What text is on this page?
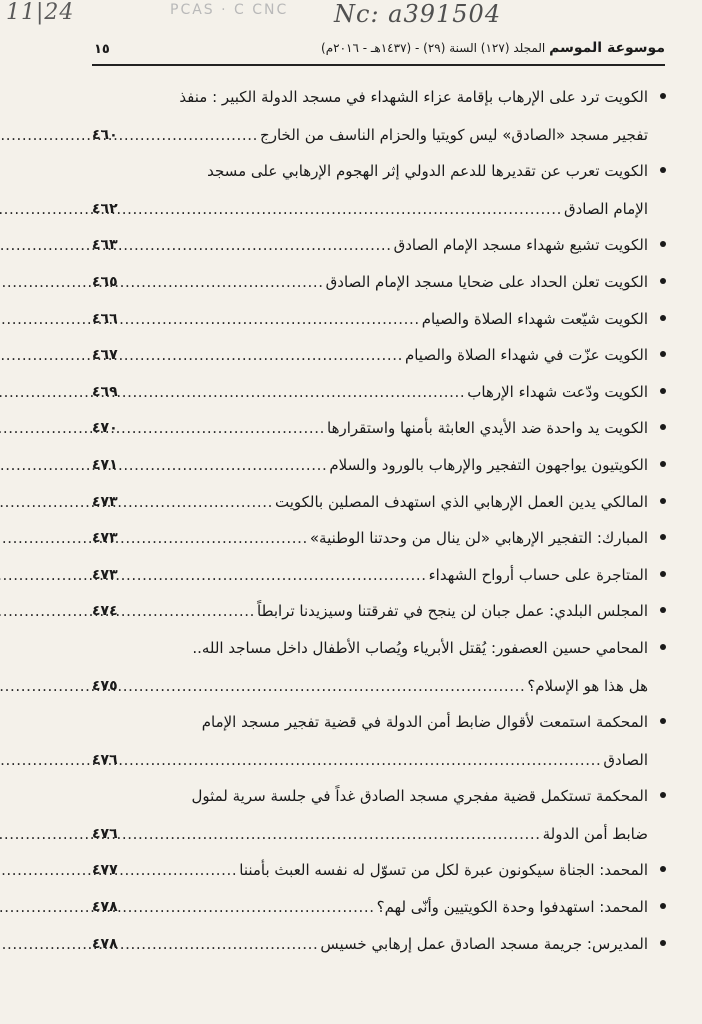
11|24	PCAS · C CNC Nc: a391504
١٥	موسوعة الموسم المجلد (١٢٧) السنة (٢٩) - (١٤٣٧هـ - ٢٠١٦م)
الكويت ترد على الإرهاب بإقامة عزاء الشهداء في مسجد الدولة الكبير : منفذ
تفجير مسجد «الصادق» ليس كويتيا والحزام الناسف من الخارج
.....
٤٦٠
الكويت تعرب عن تقديرها للدعم الدولي إثر الهجوم الإرهابي على مسجد
الإمام الصادق
.....
٤٦٢
الكويت تشيع شهداء مسجد الإمام الصادق
.....
٤٦٣
الكويت تعلن الحداد على ضحايا مسجد الإمام الصادق
.....
٤٦٥
الكويت شيّعت شهداء الصلاة والصيام
.....
٤٦٦
الكويت عزّت في شهداء الصلاة والصيام
.....
٤٦٧
الكويت ودّعت شهداء الإرهاب
.....
٤٦٩
الكويت يد واحدة ضد الأيدي العابثة بأمنها واستقرارها
.....
٤٧٠
الكويتيون يواجهون التفجير والإرهاب بالورود والسلام
.....
٤٧١
المالكي يدين العمل الإرهابي الذي استهدف المصلين بالكويت
.....
٤٧٣
المبارك: التفجير الإرهابي «لن ينال من وحدتنا الوطنية»
.....
٤٧٣
المتاجرة على حساب أرواح الشهداء
.....
٤٧٣
المجلس البلدي: عمل جبان لن ينجح في تفرقتنا وسيزيدنا ترابطاً
.....
٤٧٤
المحامي حسين العصفور: يُقتل الأبرياء ويُصاب الأطفال داخل مساجد الله..
هل هذا هو الإسلام؟
.....
٤٧٥
المحكمة استمعت لأقوال ضابط أمن الدولة في قضية تفجير مسجد الإمام
الصادق
.....
٤٧٦
المحكمة تستكمل قضية مفجري مسجد الصادق غداً في جلسة سرية لمثول
ضابط أمن الدولة
.....
٤٧٦
المحمد: الجناة سيكونون عبرة لكل من تسوّل له نفسه العبث بأمننا
.....
٤٧٧
المحمد: استهدفوا وحدة الكويتيين وأنّى لهم؟
.....
٤٧٨
المديرس: جريمة مسجد الصادق عمل إرهابي خسيس
.....
٤٧٨
